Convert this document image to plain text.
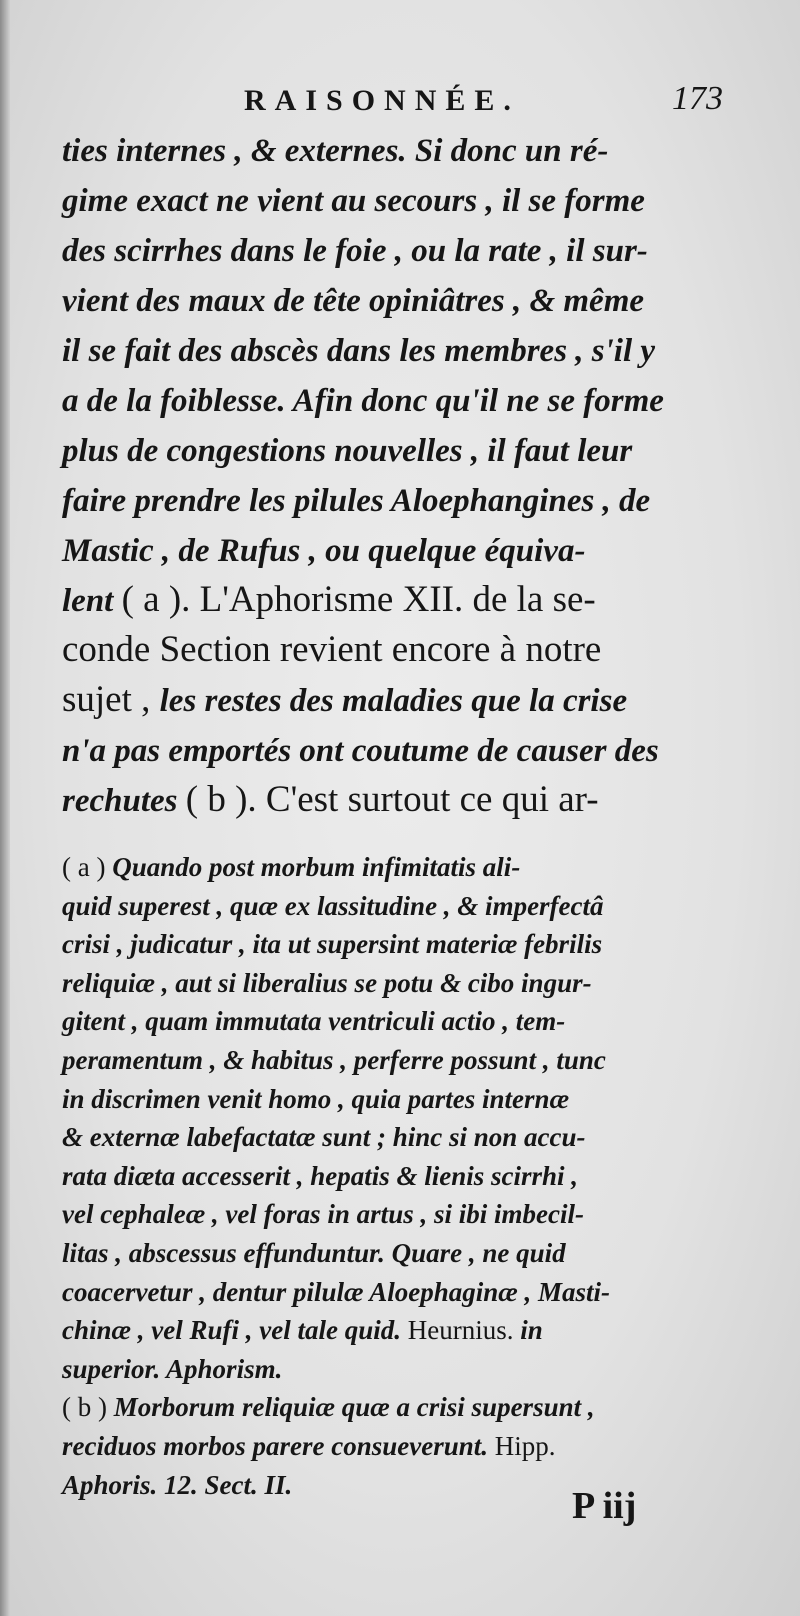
RAISONNÉE.	173
ties internes , & externes. Si donc un ré-
gime exact ne vient au secours , il se forme
des scirrhes dans le foie , ou la rate , il sur-
vient des maux de tête opiniâtres , & même
il se fait des abscès dans les membres , s'il y
a de la foiblesse. Afin donc qu'il ne se forme
plus de congestions nouvelles , il faut leur
faire prendre les pilules Aloephangines , de
Mastic , de Rufus , ou quelque équiva-
lent ( a ). L'Aphorisme XII. de la se-
conde Section revient encore à notre
sujet , les restes des maladies que la crise
n'a pas emportés ont coutume de causer des
rechutes ( b ). C'est surtout ce qui ar-
( a ) Quando post morbum infimitatis ali-
quid superest , quæ ex lassitudine , & imperfectâ
crisi , judicatur , ita ut supersint materiæ febrilis
reliquiæ , aut si liberalius se potu & cibo ingur-
gitent , quam immutata ventriculi actio , tem-
peramentum , & habitus , perferre possunt , tunc
in discrimen venit homo , quia partes internæ
& externæ labefactatæ sunt ; hinc si non accu-
rata diæta accesserit , hepatis & lienis scirrhi ,
vel cephaleæ , vel foras in artus , si ibi imbecil-
litas , abscessus effunduntur. Quare , ne quid
coacervetur , dentur pilulæ Aloephaginæ , Masti-
chinæ , vel Rufi , vel tale quid. Heurnius. in
superior. Aphorism.
( b ) Morborum reliquiæ quæ a crisi supersunt ,
reciduos morbos parere consueverunt. Hipp.
Aphoris. 12. Sect. II.
P iij
